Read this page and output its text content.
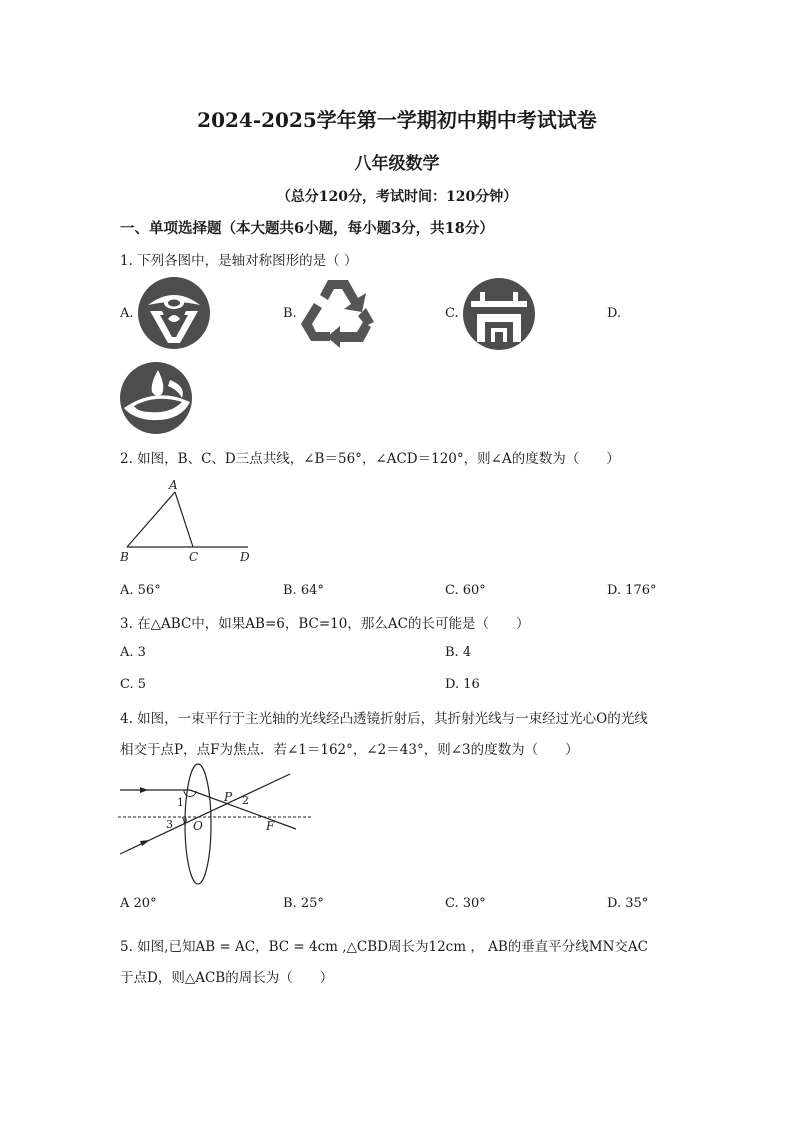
2024-2025学年第一学期初中期中考试试卷
八年级数学
（总分120分，考试时间：120分钟）
一、单项选择题（本大题共6小题，每小题3分，共18分）
1. 下列各图中，是轴对称图形的是（ ）
A.	B.	C.	D.
2. 如图，B、C、D三点共线，∠B＝56°，∠ACD＝120°，则∠A的度数为（　　）
A
B	C	D
A. 56°	B. 64°	C. 60°	D. 176°
3. 在△ABC中，如果AB=6，BC=10，那么AC的长可能是（　　）
A. 3	B. 4
C. 5	D. 16
4. 如图，一束平行于主光轴的光线经凸透镜折射后，其折射光线与一束经过光心O的光线
相交于点P，点F为焦点．若∠1＝162°，∠2＝43°，则∠3的度数为（　　）
1	2
3
P
O	F
A 20°	B. 25°	C. 30°	D. 35°
5. 如图,已知AB = AC，BC = 4cm ,△CBD周长为12cm ， AB的垂直平分线MN交AC
于点D，则△ACB的周长为（　　）
